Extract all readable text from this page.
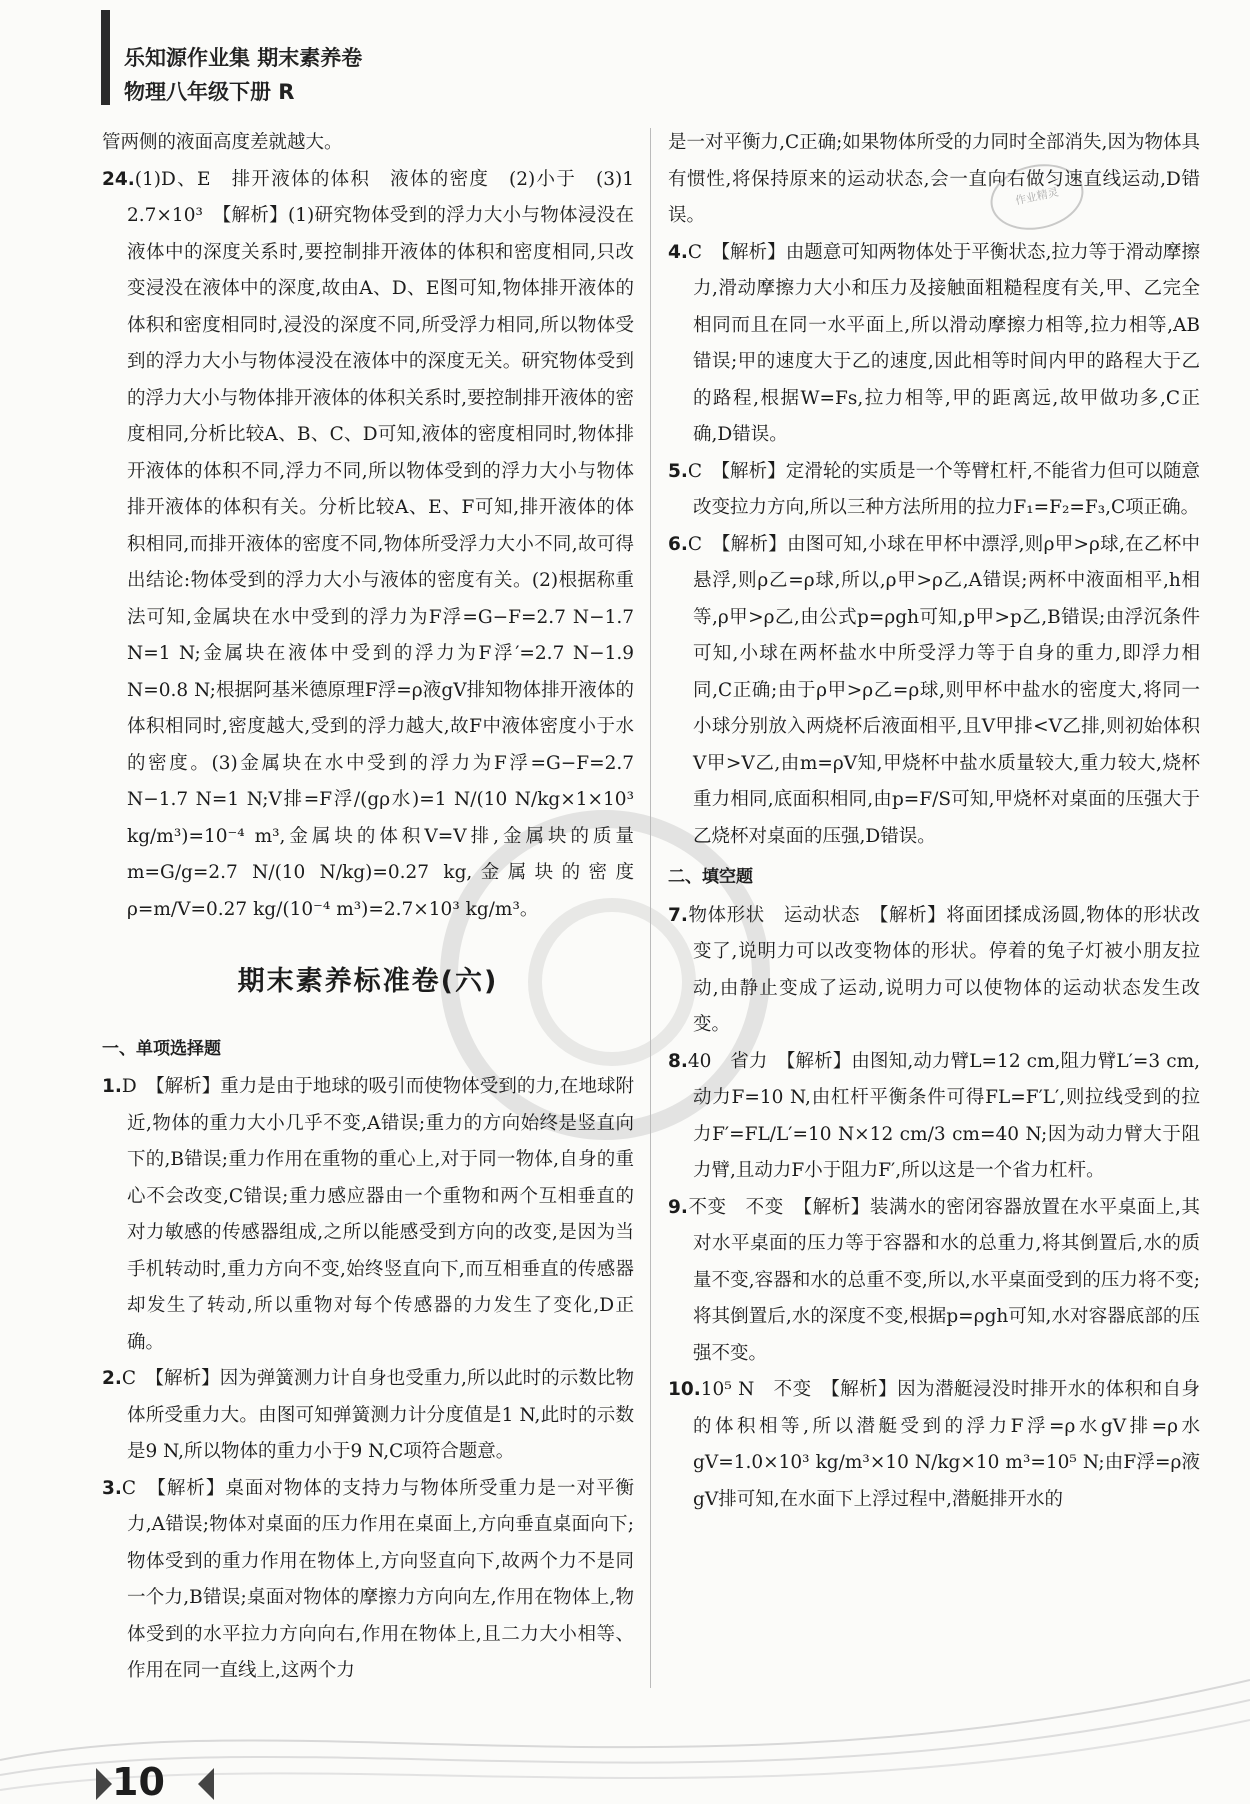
乐知源作业集 期末素养卷
物理八年级下册 R
作业精灵

管两侧的液面高度差就越大。

24.(1)D、E　排开液体的体积　液体的密度　(2)小于　(3)1　2.7×10³　【解析】(1)研究物体受到的浮力大小与物体浸没在液体中的深度关系时,要控制排开液体的体积和密度相同,只改变浸没在液体中的深度,故由A、D、E图可知,物体排开液体的体积和密度相同时,浸没的深度不同,所受浮力相同,所以物体受到的浮力大小与物体浸没在液体中的深度无关。研究物体受到的浮力大小与物体排开液体的体积关系时,要控制排开液体的密度相同,分析比较A、B、C、D可知,液体的密度相同时,物体排开液体的体积不同,浮力不同,所以物体受到的浮力大小与物体排开液体的体积有关。分析比较A、E、F可知,排开液体的体积相同,而排开液体的密度不同,物体所受浮力大小不同,故可得出结论:物体受到的浮力大小与液体的密度有关。(2)根据称重法可知,金属块在水中受到的浮力为F浮=G−F=2.7 N−1.7 N=1 N;金属块在液体中受到的浮力为F浮′=2.7 N−1.9 N=0.8 N;根据阿基米德原理F浮=ρ液gV排知物体排开液体的体积相同时,密度越大,受到的浮力越大,故F中液体密度小于水的密度。(3)金属块在水中受到的浮力为F浮=G−F=2.7 N−1.7 N=1 N;V排=F浮/(gρ水)=1 N/(10 N/kg×1×10³ kg/m³)=10⁻⁴ m³,金属块的体积V=V排,金属块的质量m=G/g=2.7 N/(10 N/kg)=0.27 kg,金属块的密度ρ=m/V=0.27 kg/(10⁻⁴ m³)=2.7×10³ kg/m³。

期末素养标准卷(六)
一、单项选择题

1.D　【解析】重力是由于地球的吸引而使物体受到的力,在地球附近,物体的重力大小几乎不变,A错误;重力的方向始终是竖直向下的,B错误;重力作用在重物的重心上,对于同一物体,自身的重心不会改变,C错误;重力感应器由一个重物和两个互相垂直的对力敏感的传感器组成,之所以能感受到方向的改变,是因为当手机转动时,重力方向不变,始终竖直向下,而互相垂直的传感器却发生了转动,所以重物对每个传感器的力发生了变化,D正确。

2.C　【解析】因为弹簧测力计自身也受重力,所以此时的示数比物体所受重力大。由图可知弹簧测力计分度值是1 N,此时的示数是9 N,所以物体的重力小于9 N,C项符合题意。

3.C　【解析】桌面对物体的支持力与物体所受重力是一对平衡力,A错误;物体对桌面的压力作用在桌面上,方向垂直桌面向下;物体受到的重力作用在物体上,方向竖直向下,故两个力不是同一个力,B错误;桌面对物体的摩擦力方向向左,作用在物体上,物体受到的水平拉力方向向右,作用在物体上,且二力大小相等、作用在同一直线上,这两个力

是一对平衡力,C正确;如果物体所受的力同时全部消失,因为物体具有惯性,将保持原来的运动状态,会一直向右做匀速直线运动,D错误。

4.C　【解析】由题意可知两物体处于平衡状态,拉力等于滑动摩擦力,滑动摩擦力大小和压力及接触面粗糙程度有关,甲、乙完全相同而且在同一水平面上,所以滑动摩擦力相等,拉力相等,AB错误;甲的速度大于乙的速度,因此相等时间内甲的路程大于乙的路程,根据W=Fs,拉力相等,甲的距离远,故甲做功多,C正确,D错误。

5.C　【解析】定滑轮的实质是一个等臂杠杆,不能省力但可以随意改变拉力方向,所以三种方法所用的拉力F₁=F₂=F₃,C项正确。

6.C　【解析】由图可知,小球在甲杯中漂浮,则ρ甲>ρ球,在乙杯中悬浮,则ρ乙=ρ球,所以,ρ甲>ρ乙,A错误;两杯中液面相平,h相等,ρ甲>ρ乙,由公式p=ρgh可知,p甲>p乙,B错误;由浮沉条件可知,小球在两杯盐水中所受浮力等于自身的重力,即浮力相同,C正确;由于ρ甲>ρ乙=ρ球,则甲杯中盐水的密度大,将同一小球分别放入两烧杯后液面相平,且V甲排<V乙排,则初始体积V甲>V乙,由m=ρV知,甲烧杯中盐水质量较大,重力较大,烧杯重力相同,底面积相同,由p=F/S可知,甲烧杯对桌面的压强大于乙烧杯对桌面的压强,D错误。

二、填空题

7.物体形状　运动状态　【解析】将面团揉成汤圆,物体的形状改变了,说明力可以改变物体的形状。停着的兔子灯被小朋友拉动,由静止变成了运动,说明力可以使物体的运动状态发生改变。

8.40　省力　【解析】由图知,动力臂L=12 cm,阻力臂L′=3 cm,动力F=10 N,由杠杆平衡条件可得FL=F′L′,则拉线受到的拉力F′=FL/L′=10 N×12 cm/3 cm=40 N;因为动力臂大于阻力臂,且动力F小于阻力F′,所以这是一个省力杠杆。

9.不变　不变　【解析】装满水的密闭容器放置在水平桌面上,其对水平桌面的压力等于容器和水的总重力,将其倒置后,水的质量不变,容器和水的总重不变,所以,水平桌面受到的压力将不变;将其倒置后,水的深度不变,根据p=ρgh可知,水对容器底部的压强不变。

10.10⁵ N　不变　【解析】因为潜艇浸没时排开水的体积和自身的体积相等,所以潜艇受到的浮力F浮=ρ水gV排=ρ水gV=1.0×10³ kg/m³×10 N/kg×10 m³=10⁵ N;由F浮=ρ液gV排可知,在水面下上浮过程中,潜艇排开水的

10
